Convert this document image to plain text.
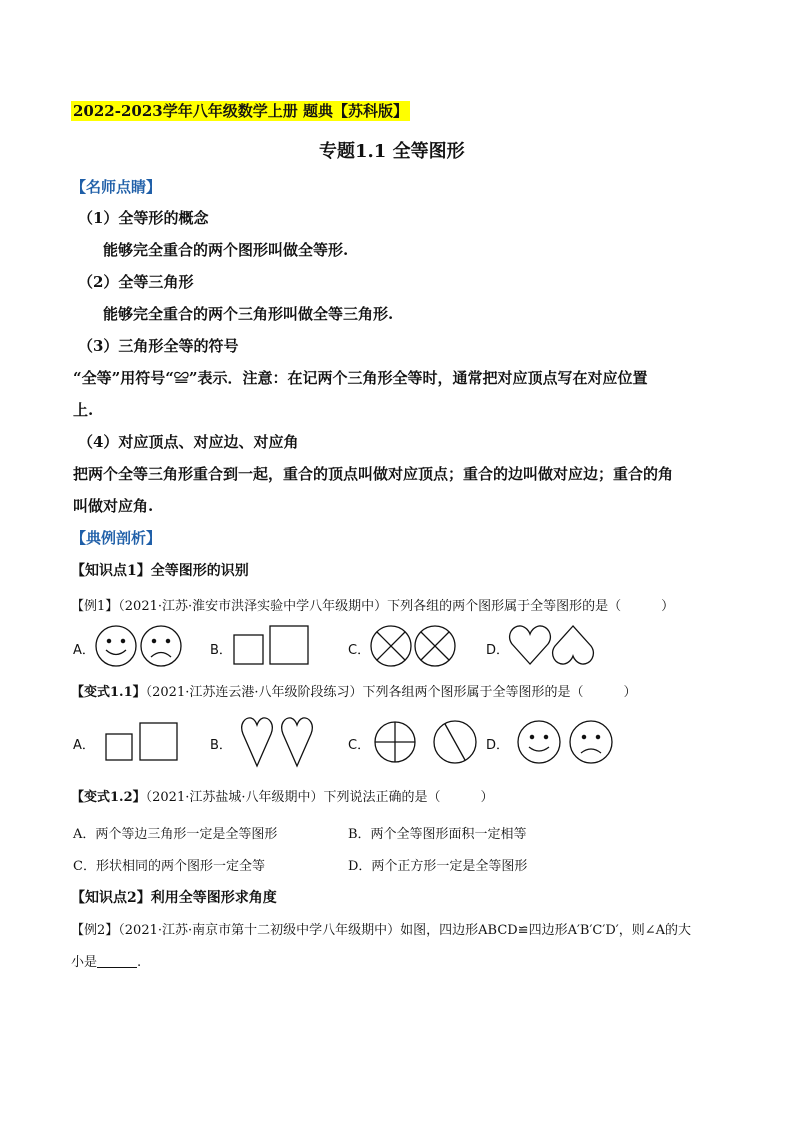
2022-2023学年八年级数学上册 题典【苏科版】
专题1.1 全等图形
【名师点睛】
（1）全等形的概念
能够完全重合的两个图形叫做全等形.
（2）全等三角形
能够完全重合的两个三角形叫做全等三角形.
（3）三角形全等的符号
“全等”用符号“≌”表示．注意：在记两个三角形全等时，通常把对应顶点写在对应位置
上.
（4）对应顶点、对应边、对应角
把两个全等三角形重合到一起，重合的顶点叫做对应顶点；重合的边叫做对应边；重合的角
叫做对应角.
【典例剖析】
【知识点1】全等图形的识别
【例1】（2021·江苏·淮安市洪泽实验中学八年级期中）下列各组的两个图形属于全等图形的是（	）
A．	B．	C．	D．
【变式1.1】（2021·江苏连云港·八年级阶段练习）下列各组两个图形属于全等图形的是（	）
A．	B．	C．	D．
【变式1.2】（2021·江苏盐城·八年级期中）下列说法正确的是（	）
A．两个等边三角形一定是全等图形	B．两个全等图形面积一定相等
C．形状相同的两个图形一定全等	D．两个正方形一定是全等图形
【知识点2】利用全等图形求角度
【例2】（2021·江苏·南京市第十二初级中学八年级期中）如图，四边形ABCD≌四边形A′B′C′D′，则∠A的大
小是	.
